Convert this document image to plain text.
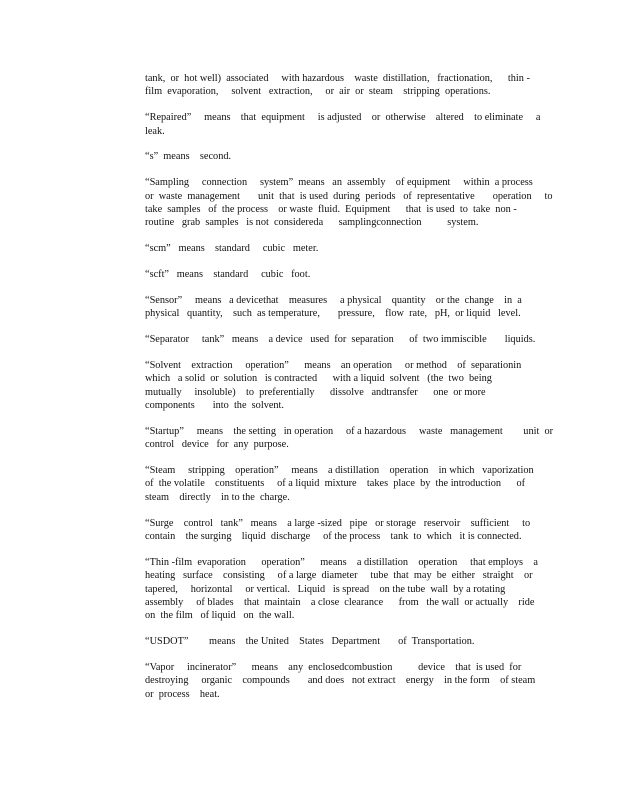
tank,  or  hot well)  associated     with hazardous    waste  distillation,   fractionation,      thin -
film  evaporation,     solvent   extraction,     or  air  or  steam    stripping  operations.

“Repaired”     means    that  equipment     is adjusted    or  otherwise    altered    to eliminate     a
leak.

“s”  means    second.

“Sampling     connection     system”  means   an  assembly    of equipment     within  a process
or  waste  management       unit  that  is used  during  periods   of  representative       operation     to
take  samples   of  the process    or waste  fluid.  Equipment      that  is used  to  take  non -
routine   grab  samples   is not  considereda      samplingconnection          system.

“scm”   means    standard     cubic   meter.

“scft”   means    standard     cubic   foot.

“Sensor”     means   a devicethat    measures     a physical    quantity    or the  change    in  a
physical   quantity,    such  as temperature,       pressure,    flow  rate,   pH,  or liquid   level.

“Separator     tank”   means    a device   used  for  separation      of  two immiscible       liquids.

“Solvent    extraction     operation”      means    an operation     or method    of  separationin
which   a solid  or  solution   is contracted      with a liquid  solvent   (the  two  being
mutually     insoluble)    to  preferentially      dissolve   andtransfer      one  or more
components       into  the  solvent.

“Startup”     means    the setting   in operation     of a hazardous     waste   management        unit  or
control   device   for  any  purpose.

“Steam     stripping    operation”     means    a distillation    operation    in which   vaporization
of  the volatile    constituents     of a liquid  mixture    takes  place  by  the introduction      of
steam    directly    in to the  charge.

“Surge    control   tank”   means    a large -sized   pipe   or storage   reservoir    sufficient     to
contain    the surging    liquid  discharge     of the process    tank  to  which   it is connected.

“Thin -film  evaporation      operation”      means    a distillation    operation     that employs    a
heating   surface    consisting     of a large  diameter     tube  that  may  be  either   straight    or
tapered,     horizontal     or vertical.   Liquid   is spread    on the tube  wall  by a rotating
assembly     of blades    that  maintain    a close  clearance      from   the wall  or actually    ride
on  the film   of liquid   on  the wall.

“USDOT”        means    the United    States   Department       of  Transportation.

“Vapor     incinerator”      means    any  enclosedcombustion          device    that  is used  for
destroying     organic    compounds       and does   not extract    energy    in the form    of steam
or  process    heat.
